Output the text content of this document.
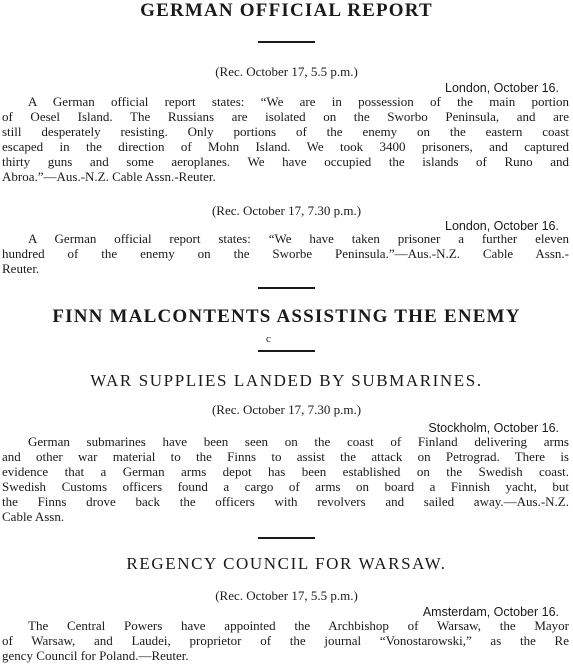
GERMAN OFFICIAL REPORT
(Rec. October 17, 5.5 p.m.)
London, October 16.
A German official report states: “We are in possession of the main portion
of Oesel Island. The Russians are isolated on the Sworbo Peninsula, and are
still desperately resisting. Only portions of the enemy on the eastern coast
escaped in the direction of Mohn Island. We took 3400 prisoners, and captured
thirty guns and some aeroplanes. We have occupied the islands of Runo and
Abroa.”—Aus.-N.Z. Cable Assn.-Reuter.
(Rec. October 17, 7.30 p.m.)
London, October 16.
A German official report states: “We have taken prisoner a further eleven
hundred of the enemy on the Sworbe Peninsula.”—Aus.-N.Z. Cable Assn.-
Reuter.
FINN MALCONTENTS ASSISTING THE ENEMY
c
WAR SUPPLIES LANDED BY SUBMARINES.
(Rec. October 17, 7.30 p.m.)
Stockholm, October 16.
German submarines have been seen on the coast of Finland delivering arms
and other war material to the Finns to assist the attack on Petrograd. There is
evidence that a German arms depot has been established on the Swedish coast.
Swedish Customs officers found a cargo of arms on board a Finnish yacht, but
the Finns drove back the officers with revolvers and sailed away.—Aus.-N.Z.
Cable Assn.
REGENCY COUNCIL FOR WARSAW.
(Rec. October 17, 5.5 p.m.)
Amsterdam, October 16.
The Central Powers have appointed the Archbishop of Warsaw, the Mayor
of Warsaw, and Laudei, proprietor of the journal “Vonostarowski,” as the Re
gency Council for Poland.—Reuter.
